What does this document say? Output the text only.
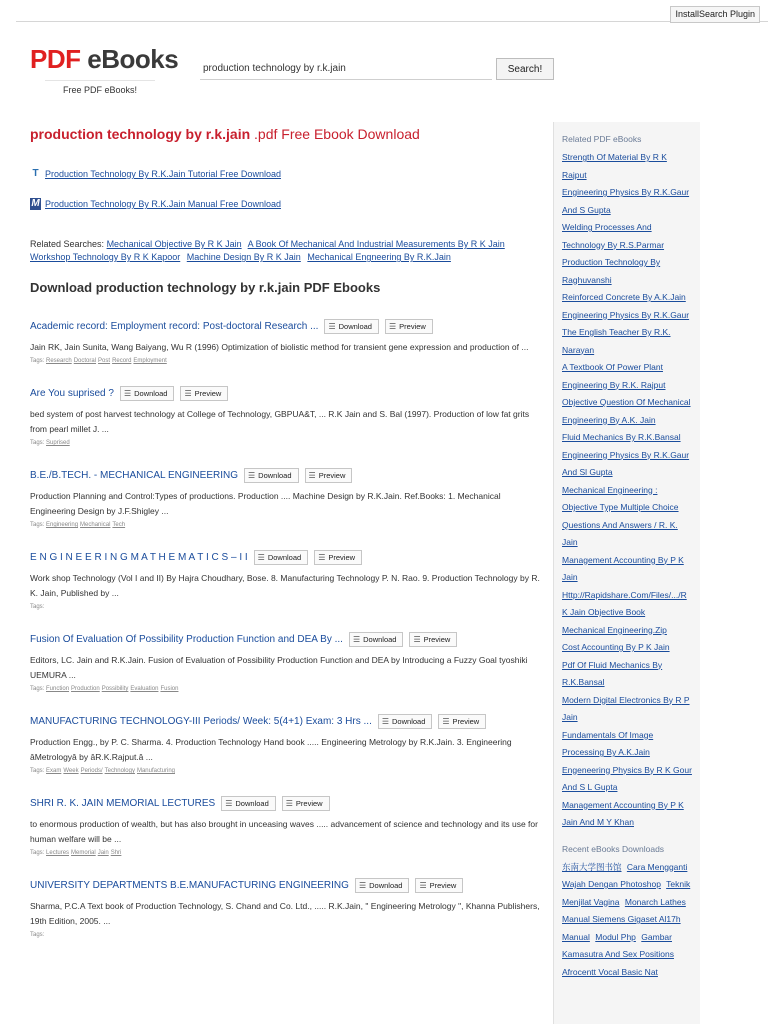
InstallSearch Plugin
PDF eBooks
Free PDF eBooks!
production technology by r.k.jain
Search!
production technology by r.k.jain .pdf Free Ebook Download
T Production Technology By R.K.Jain Tutorial Free Download
M Production Technology By R.K.Jain Manual Free Download
Related Searches: Mechanical Objective By R K Jain A Book Of Mechanical And Industrial Measurements By R K Jain Workshop Technology By R K Kapoor Machine Design By R K Jain Mechanical Engneering By R.K.Jain
Download production technology by r.k.jain PDF Ebooks
Academic record: Employment record: Post-doctoral Research ... ☰ Download ☰ Preview
Jain RK, Jain Sunita, Wang Baiyang, Wu R (1996) Optimization of biolistic method for transient gene expression and production of ...
Tags: Research Doctoral Post Record Employment
Are You suprised ? ☰ Download ☰ Preview
bed system of post harvest technology at College of Technology, GBPUA&T, ... R.K Jain and S. Bal (1997). Production of low fat grits from pearl millet J. ...
Tags: Suprised
B.E./B.TECH. - MECHANICAL ENGINEERING ☰ Download ☰ Preview
Production Planning and Control:Types of productions. Production .... Machine Design by R.K.Jain. Ref.Books: 1. Mechanical Engineering Design by J.F.Shigley ...
Tags: Engineering Mechanical Tech
E N G I N E E R I N G M A T H E M A T I C S – I I ☰ Download ☰ Preview
Work shop Technology (Vol I and II) By Hajra Choudhary, Bose. 8. Manufacturing Technology P. N. Rao. 9. Production Technology by R. K. Jain, Published by ...
Tags:
Fusion Of Evaluation Of Possibility Production Function and DEA By ... ☰ Download ☰ Preview
Editors, LC. Jain and R.K.Jain. Fusion of Evaluation of Possibility Production Function and DEA by Introducing a Fuzzy Goal tyoshiki UEMURA ...
Tags: Function Production Possibility Evaluation Fusion
MANUFACTURING TECHNOLOGY-III Periods/ Week: 5(4+1) Exam: 3 Hrs ... ☰ Download ☰ Preview
Production Engg., by P. C. Sharma. 4. Production Technology Hand book ..... Engineering Metrology by R.K.Jain. 3. Engineering âMetrologyâ by âR.K.Rajput.â ...
Tags: Exam Week Periods/ Technology Manufacturing
SHRI R. K. JAIN MEMORIAL LECTURES ☰ Download ☰ Preview
to enormous production of wealth, but has also brought in unceasing waves ..... advancement of science and technology and its use for human welfare will be ...
Tags: Lectures Memorial Jain Shri
UNIVERSITY DEPARTMENTS B.E.MANUFACTURING ENGINEERING ☰ Download ☰ Preview
Sharma, P.C.A Text book of Production Technology, S. Chand and Co. Ltd., ..... R.K.Jain, " Engineering Metrology ", Khanna Publishers, 19th Edition, 2005. ...
Tags:
Related PDF eBooks
Strength Of Material By R K Rajput
Engineering Physics By R.K.Gaur And S Gupta
Welding Processes And Technology By R.S.Parmar
Production Technology By Raghuvanshi
Reinforced Concrete By A.K.Jain
Engineering Physics By R.K.Gaur
The English Teacher By R.K. Narayan
A Textbook Of Power Plant Engineering By R.K. Rajput
Objective Question Of Mechanical Engineering By A.K. Jain
Fluid Mechanics By R.K.Bansal
Engineering Physics By R.K.Gaur And Sl Gupta
Mechanical Engineering : Objective Type Multiple Choice Questions And Answers / R. K. Jain
Management Accounting By P K Jain
Http://Rapidshare.Com/Files/.../R K Jain Objective Book
Mechanical Engineering.Zip
Cost Accounting By P K Jain
Pdf Of Fluid Mechanics By R.K.Bansal
Modern Digital Electronics By R P Jain
Fundamentals Of Image Processing By A.K.Jain
Engeneering Physics By R K Gour And S L Gupta
Management Accounting By P K Jain And M Y Khan
Recent eBooks Downloads
东南大学图书馆 Cara Mengganti Wajah Dengan Photoshop Teknik Menjilat Vagina Monarch Lathes Manual Siemens Gigaset Al17h Manual Modul Php Gambar Kamasutra And Sex Positions Afrocentt Vocal Basic Nat
